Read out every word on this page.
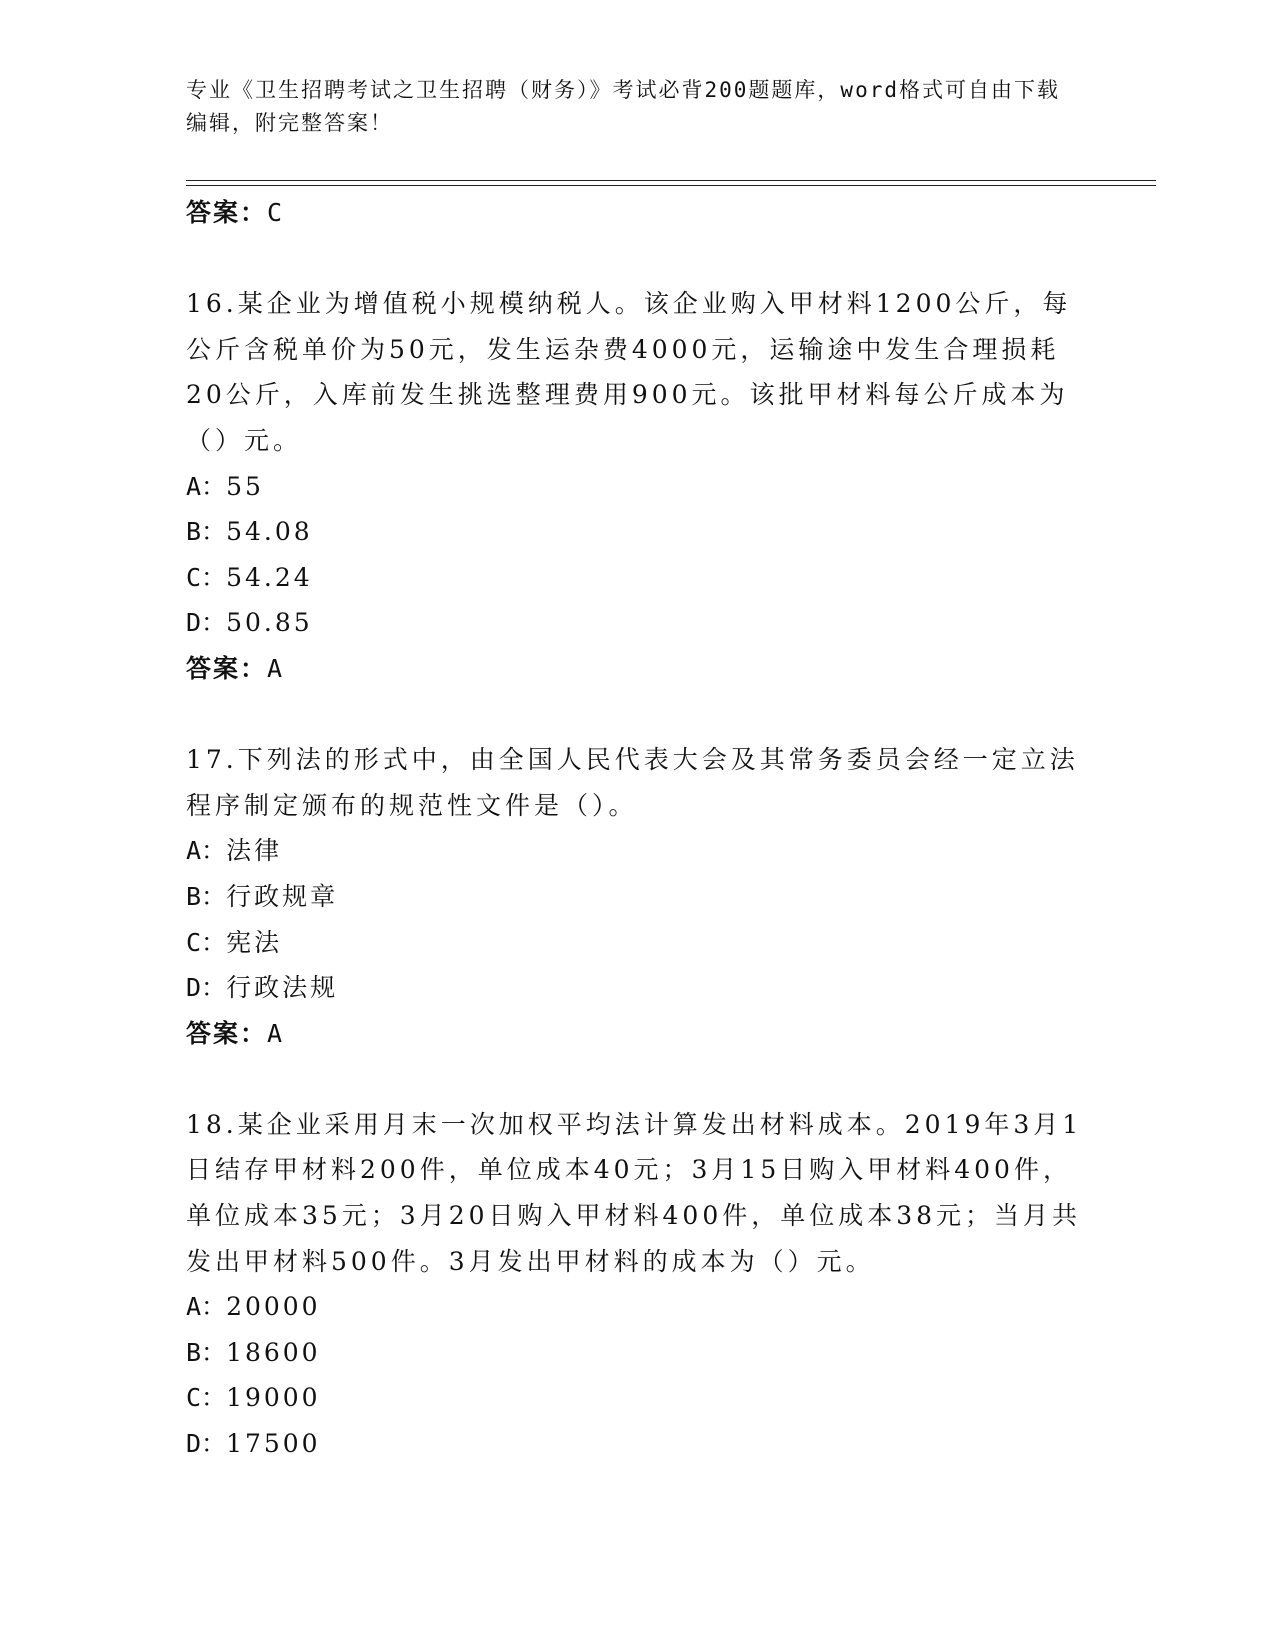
专业《卫生招聘考试之卫生招聘（财务）》考试必背200题题库，word格式可自由下载编辑，附完整答案！
答案：C

16.某企业为增值税小规模纳税人。该企业购入甲材料1200公斤，每公斤含税单价为50元，发生运杂费4000元，运输途中发生合理损耗20公斤，入库前发生挑选整理费用900元。该批甲材料每公斤成本为（）元。

A：55
B：54.08
C：54.24
D：50.85
答案：A

17.下列法的形式中，由全国人民代表大会及其常务委员会经一定立法程序制定颁布的规范性文件是（）。

A：法律
B：行政规章
C：宪法
D：行政法规
答案：A

18.某企业采用月末一次加权平均法计算发出材料成本。2019年3月1日结存甲材料200件，单位成本40元；3月15日购入甲材料400件，单位成本35元；3月20日购入甲材料400件，单位成本38元；当月共发出甲材料500件。3月发出甲材料的成本为（）元。

A：20000
B：18600
C：19000
D：17500
